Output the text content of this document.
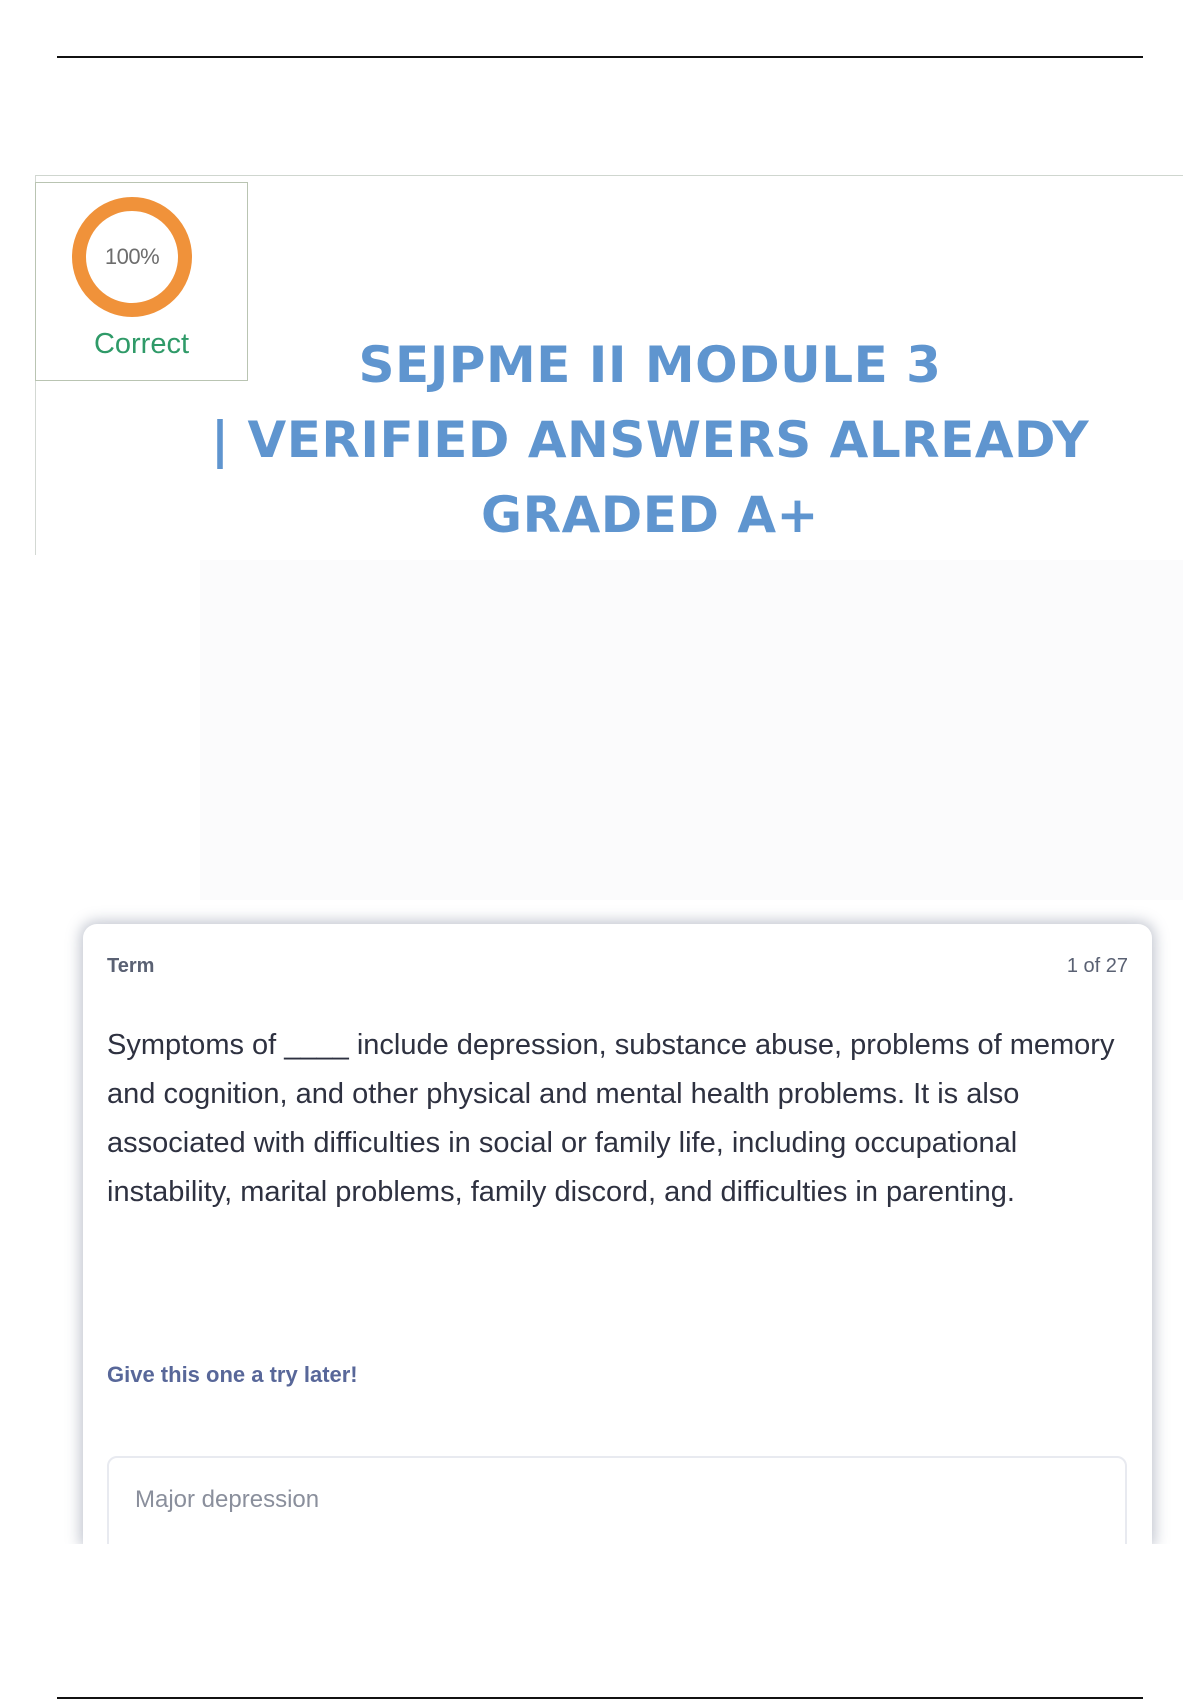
100%
Correct	SEJPME II MODULE 3
| VERIFIED ANSWERS ALREADY
GRADED A+
Term	1 of 27
Symptoms of ____ include depression, substance abuse, problems of memory and cognition, and other physical and mental health problems. It is also associated with difficulties in social or family life, including occupational instability, marital problems, family discord, and difficulties in parenting.
Give this one a try later!
Major depression
